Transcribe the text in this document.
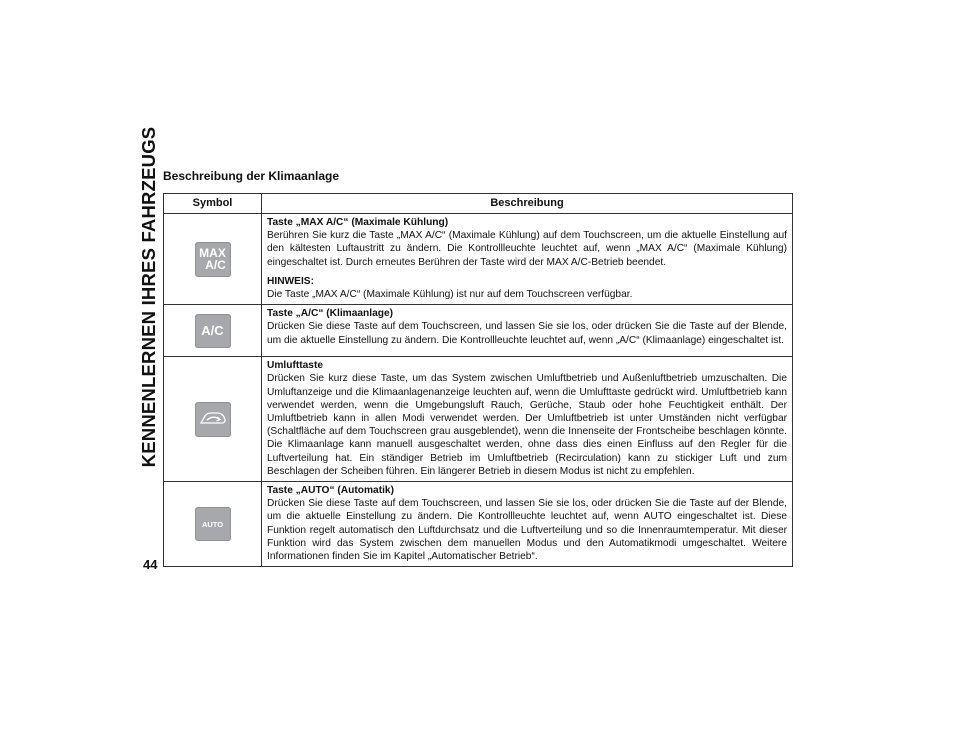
KENNENLERNEN IHRES FAHRZEUGS Beschreibung der Klimaanlage
Symbol	Beschreibung

MAX
A/C	Taste „MAX A/C“ (Maximale Kühlung)
Berühren Sie kurz die Taste „MAX A/C“ (Maximale Kühlung) auf dem Touchscreen, um die aktuelle Einstellung auf den kältesten Luftaustritt zu ändern. Die Kontrollleuchte leuchtet auf, wenn „MAX A/C“ (Maximale Kühlung) eingeschaltet ist. Durch erneutes Berühren der Taste wird der MAX A/C-Betrieb beendet.
HINWEIS:
Die Taste „MAX A/C“ (Maximale Kühlung) ist nur auf dem Touchscreen verfügbar.

A/C	Taste „A/C“ (Klimaanlage)
Drücken Sie diese Taste auf dem Touchscreen, und lassen Sie sie los, oder drücken Sie die Taste auf der Blende, um die aktuelle Einstellung zu ändern. Die Kontrollleuchte leuchtet auf, wenn „A/C“ (Klimaanlage) eingeschaltet ist.

Umlufttaste
Drücken Sie kurz diese Taste, um das System zwischen Umluftbetrieb und Außenluftbetrieb umzuschalten. Die Umluftanzeige und die Klimaanlagenanzeige leuchten auf, wenn die Umlufttaste gedrückt wird. Umluftbetrieb kann verwendet werden, wenn die Umgebungsluft Rauch, Gerüche, Staub oder hohe Feuchtigkeit enthält. Der Umluftbetrieb kann in allen Modi verwendet werden. Der Umluftbetrieb ist unter Umständen nicht verfügbar (Schaltfläche auf dem Touchscreen grau ausgeblendet), wenn die Innenseite der Frontscheibe beschlagen könnte. Die Klimaanlage kann manuell ausgeschaltet werden, ohne dass dies einen Einfluss auf den Regler für die Luftverteilung hat. Ein ständiger Betrieb im Umluftbetrieb (Recirculation) kann zu stickiger Luft und zum Beschlagen der Scheiben führen. Ein längerer Betrieb in diesem Modus ist nicht zu empfehlen.

AUTO	Taste „AUTO“ (Automatik)
Drücken Sie diese Taste auf dem Touchscreen, und lassen Sie sie los, oder drücken Sie die Taste auf der Blende, um die aktuelle Einstellung zu ändern. Die Kontrollleuchte leuchtet auf, wenn AUTO eingeschaltet ist. Diese Funktion regelt automatisch den Luftdurchsatz und die Luftverteilung und so die Innenraumtemperatur. Mit dieser Funktion wird das System zwischen dem manuellen Modus und den Automatikmodi umgeschaltet. Weitere Informationen finden Sie im Kapitel „Automatischer Betrieb“.
44
